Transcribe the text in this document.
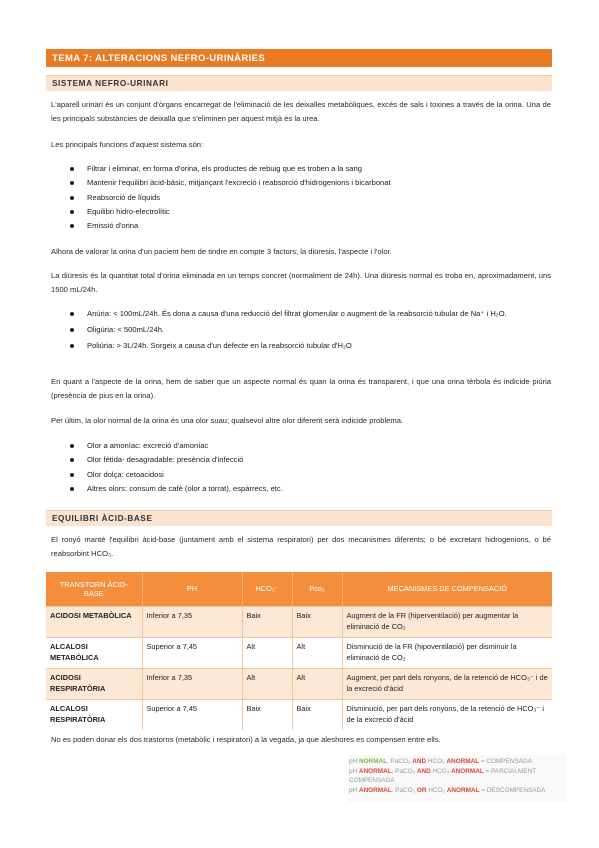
TEMA 7: ALTERACIONS NEFRO-URINÀRIES
SISTEMA NEFRO-URINARI

L'aparell urinari és un conjunt d'òrgans encarregat de l'eliminació de les deixalles metabòliques, excés de sals i toxines a través de la orina. Una de les principals substàncies de deixalla que s'eliminen per aquest mitjà és la urea.

Les principals funcions d'aquest sistema són:

Filtrar i eliminar, en forma d'orina, els productes de rebuig que es troben a la sang
Mantenir l'equilibri àcid-bàsic, mitjançant l'excreció i reabsorció d'hidrogenions i bicarbonat
Reabsorció de líquids
Equilibri hidro-electrolític
Emissió d'orina

Alhora de valorar la orina d'un pacient hem de tindre en compte 3 factors; la diüresis, l'aspecte i l'olor.

La diüresis és la quantitat total d'orina eliminada en un temps concret (normalment de 24h). Una diüresis normal es troba en, aproximadament, uns 1500 mL/24h.

Anúria: < 100mL/24h. És dona a causa d'una reducció del filtrat glomerular o augment de la reabsorció tubular de Na⁺ i H₂O.
Oligúria: < 500mL/24h.
Poliúria: > 3L/24h. Sorgeix a causa d'un defecte en la reabsorció tubular d'H₂O

En quant a l'aspecte de la orina, hem de saber que un aspecte normal és quan la orina és transparent, i que una orina tèrbola és indicide piúria (presència de pius en la orina).

Per últim, la olor normal de la orina és una olor suau; qualsevol altre olor diferent serà indicide problema.

Olor a amoníac: excreció d'amoníac
Olor fètida- desagradable: presència d'infecció
Olor dolça: cetoacidosi
Altres olors: consum de cafè (olor a torrat), espàrrecs, etc.
EQUILIBRI ÀCID-BASE

El ronyó manté l'equilibri àcid-base (juntament amb el sistema respiratori) per dos mecanismes diferents; o bé excretant hidrogenions, o bé reabsorbint HCO₃.

TRANSTORN ÀCID-BASE	PH	HCO₃⁻	Pco₂	MECANISMES DE COMPENSACIÓ
ACIDOSI METABÒLICA	Inferior a 7,35	Baix	Baix	Augment de la FR (hiperventilació) per augmentar la eliminació de CO₂
ALCALOSI METABÒLICA	Superior a 7,45	Alt	Alt	Disminució de la FR (hipoventilació) per disminuir la eliminació de CO₂
ACIDOSI RESPIRATÒRIA	Inferior a 7,35	Alt	Alt	Augment, per part dels ronyons, de la retenció de HCO₃⁻ i de la excreció d'àcid
ALCALOSI RESPIRATÒRIA	Superior a 7,45	Baix	Baix	Disminució, per part dels ronyons, de la retenció de HCO₃⁻ i de la excreció d'àcid

No es poden donar els dos trastorns (metabòlic i respiratori) a la vegada, ja que aleshores es compensen entre ells.

pH NORMAL, PaCO₂ AND HCO₃ ANORMAL = COMPENSADA
pH ANORMAL, PaCO₂ AND HCO₃ ANORMAL = PARCIALMENT COMPENSADA
pH ANORMAL, PaCO₂ OR HCO₃ ANORMAL = DESCOMPENSADA
